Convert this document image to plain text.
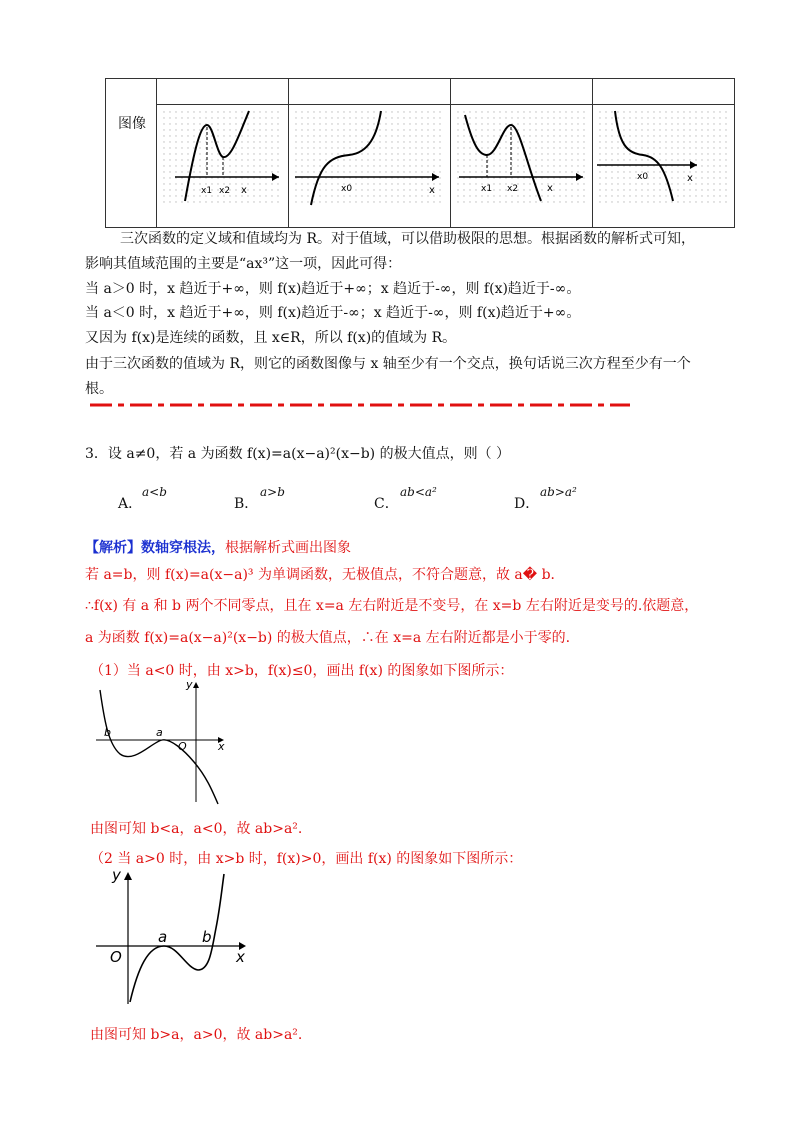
图像	x1 x2 x	x0 x	x1 x2 x	x0 x
三次函数的定义域和值域均为 R。对于值域，可以借助极限的思想。根据函数的解析式可知，
影响其值域范围的主要是“ax³”这一项，因此可得：
当 a＞0 时，x 趋近于+∞，则 f(x)趋近于+∞；x 趋近于-∞，则 f(x)趋近于-∞。
当 a＜0 时，x 趋近于+∞，则 f(x)趋近于-∞；x 趋近于-∞，则 f(x)趋近于+∞。
又因为 f(x)是连续的函数，且 x∈R，所以 f(x)的值域为 R。
由于三次函数的值域为 R，则它的函数图像与 x 轴至少有一个交点，换句话说三次方程至少有一个
根。
3．设 a≠0，若 a 为函数 f(x)=a(x−a)²(x−b) 的极大值点，则（ ）
A．
a<b
B．
a>b
C．
ab<a²
D．
ab>a²
【解析】数轴穿根法，根据解析式画出图象
若 a=b，则 f(x)=a(x−a)³ 为单调函数，无极值点，不符合题意，故 a� b．
∴f(x) 有 a 和 b 两个不同零点，且在 x=a 左右附近是不变号，在 x=b 左右附近是变号的.依题意，
a 为函数 f(x)=a(x−a)²(x−b) 的极大值点，∴在 x=a 左右附近都是小于零的.
（1）当 a<0 时，由 x>b，f(x)≤0，画出 f(x) 的图象如下图所示：
y
x
b	a
O
由图可知 b<a，a<0，故 ab>a².
（2 当 a>0 时，由 x>b 时，f(x)>0，画出 f(x) 的图象如下图所示：
y
x
a b
O
由图可知 b>a，a>0，故 ab>a².
